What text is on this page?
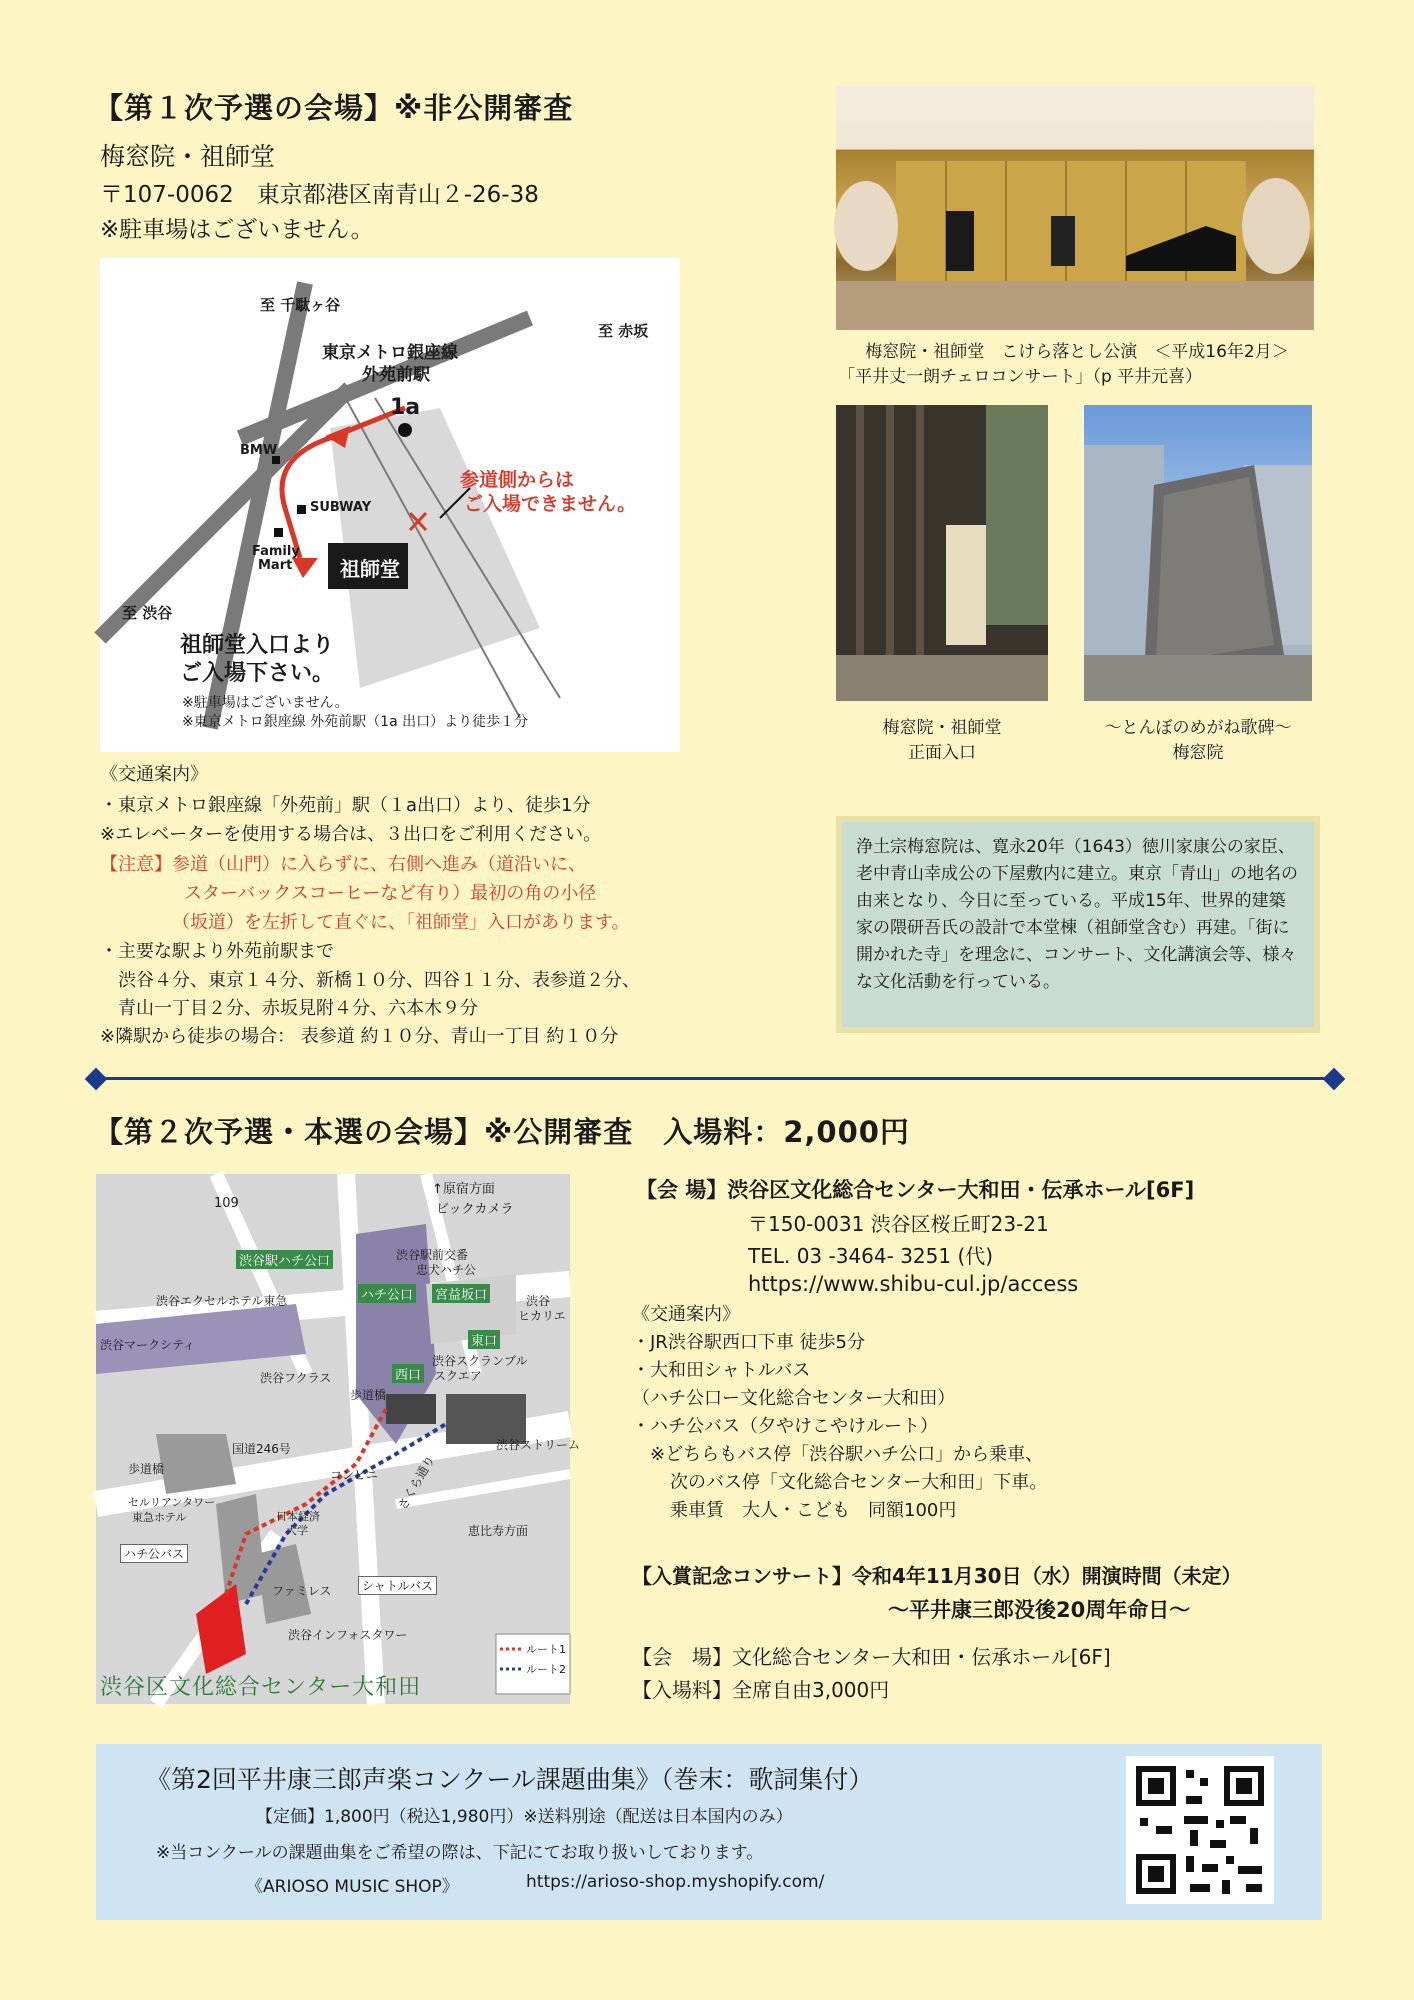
【第１次予選の会場】※非公開審査
梅窓院・祖師堂
〒107-0062　東京都港区南青山２-26-38
※駐車場はございません。
至 千駄ヶ谷
至 赤坂
東京メトロ銀座線
外苑前駅
1a
青山通り
BMW
SUBWAY
Family
Mart 祖師堂
参道側からは
ご入場できません。
至 渋谷
祖師堂入口より
ご入場下さい。
※駐車場はございません。
※東京メトロ銀座線 外苑前駅（1a 出口）より徒歩１分
《交通案内》
・東京メトロ銀座線「外苑前」駅（１a出口）より、徒歩1分
※エレベーターを使用する場合は、３出口をご利用ください。
【注意】参道（山門）に入らずに、右側へ進み（道沿いに、
スターバックスコーヒーなど有り）最初の角の小径
（坂道）を左折して直ぐに、「祖師堂」入口があります。
・主要な駅より外苑前駅まで
渋谷４分、東京１４分、新橋１０分、四谷１１分、表参道２分、
青山一丁目２分、赤坂見附４分、六本木９分
※隣駅から徒歩の場合： 表参道 約１０分、青山一丁目 約１０分
梅窓院・祖師堂　こけら落とし公演　＜平成16年2月＞
「平井丈一朗チェロコンサート」（p 平井元喜）
梅窓院・祖師堂
正面入口
～とんぼのめがね歌碑～
梅窓院
浄土宗梅窓院は、寛永20年（1643）徳川家康公の家臣、老中青山幸成公の下屋敷内に建立。東京「青山」の地名の由来となり、今日に至っている。平成15年、世界的建築家の隈研吾氏の設計で本堂棟（祖師堂含む）再建。「街に開かれた寺」を理念に、コンサート、文化講演会等、様々な文化活動を行っている。
【第２次予選・本選の会場】※公開審査　入場料：2,000円
↑原宿方面
ビックカメラ
109
渋谷駅ハチ公口	渋谷駅前交番
忠犬ハチ公
ハチ公口 宮益坂口
渋谷エクセルホテル東急	渋谷
ヒカリエ
渋谷マークシティ	東口
渋谷フクラス	西口
渋谷スクランブル
スクエア
歩道橋
渋谷ストリーム
国道246号
歩道橋	コンビニ さくら通り
恵比寿方面
セルリアンタワー
東急ホテル	日本経済
大学
ハチ公バス
シャトルバス
ファミレス
渋谷インフォスタワー
ルート1
ルート2
渋谷区文化総合センター大和田
【会 場】渋谷区文化総合センター大和田・伝承ホール[6F]
〒150-0031 渋谷区桜丘町23-21
TEL. 03 -3464- 3251 (代)
https://www.shibu-cul.jp/access
《交通案内》
・JR渋谷駅西口下車 徒歩5分
・大和田シャトルバス
（ハチ公口ー文化総合センター大和田）
・ハチ公バス（夕やけこやけルート）
※どちらもバス停「渋谷駅ハチ公口」から乗車、
次のバス停「文化総合センター大和田」下車。
乗車賃　大人・こども　同額100円
【入賞記念コンサート】令和4年11月30日（水）開演時間（未定）
～平井康三郎没後20周年命日～
【会　場】文化総合センター大和田・伝承ホール[6F]
【入場料】全席自由3,000円
《第2回平井康三郎声楽コンクール課題曲集》（巻末：歌詞集付）
【定価】1,800円（税込1,980円）※送料別途（配送は日本国内のみ）
※当コンクールの課題曲集をご希望の際は、下記にてお取り扱いしております。
《ARIOSO MUSIC SHOP》	https://arioso-shop.myshopify.com/
